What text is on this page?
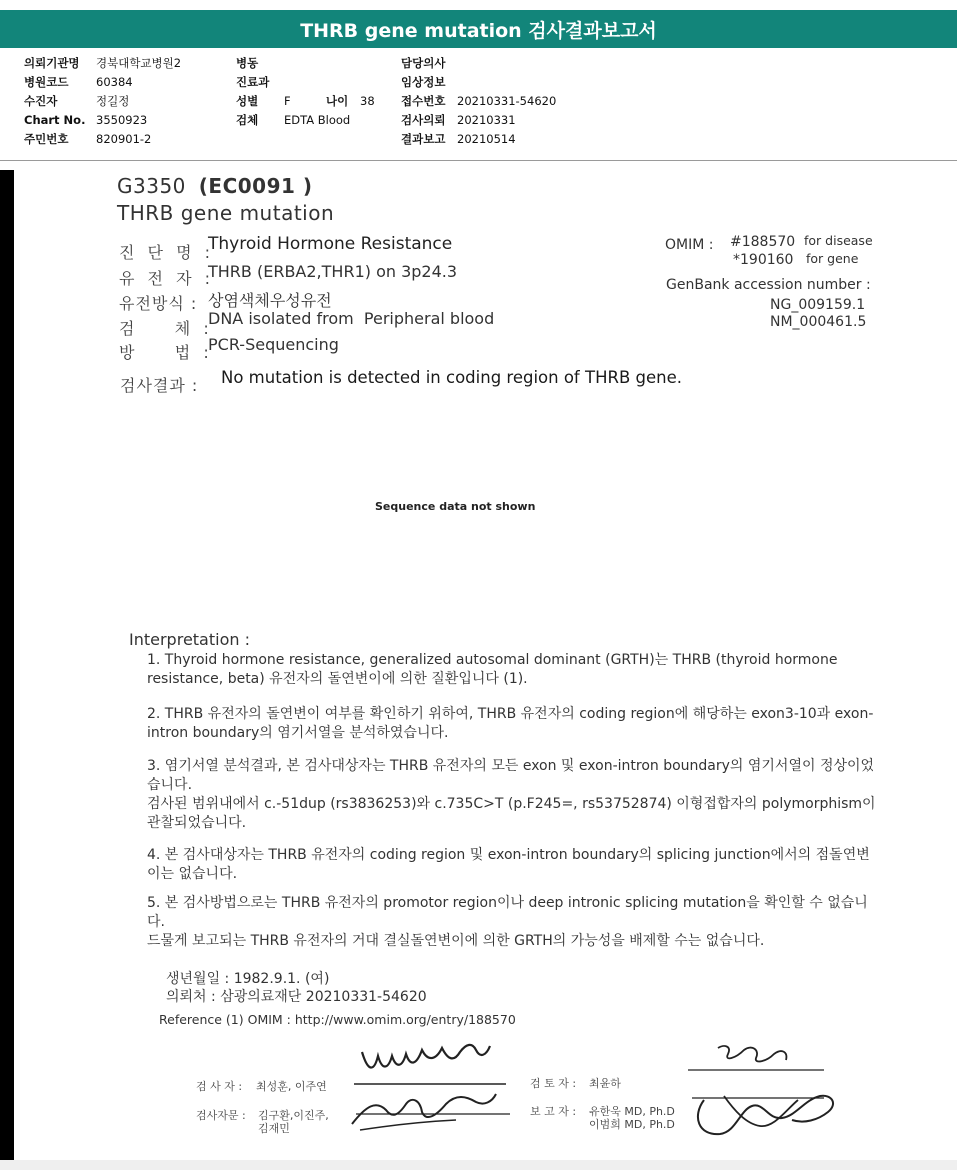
THRB gene mutation 검사결과보고서
의뢰기관명 경북대학교병원2
병원코드 60384
수진자	정길정
Chart No. 3550923
주민번호 820901-2
병동
진료과
성별 F	나이 38
검체 EDTA Blood
담당의사
임상정보
접수번호 20210331-54620
검사의뢰 20210331
결과보고 20210514
G3350 (EC0091 )
THRB gene mutation
진 단 명 :
Thyroid Hormone Resistance
유 전 자 :
THRB (ERBA2,THR1) on 3p24.3
유전방식 : 상염색체우성유전
검    체 :
DNA isolated from  Peripheral blood
방    법 :
PCR-Sequencing
OMIM : #188570 for disease
*190160 for gene
GenBank accession number :
NG_009159.1
NM_000461.5
검사결과 : No mutation is detected in coding region of THRB gene.
Sequence data not shown
Interpretation :
1. Thyroid hormone resistance, generalized autosomal dominant (GRTH)는 THRB (thyroid hormone resistance, beta) 유전자의 돌연변이에 의한 질환입니다 (1).
2. THRB 유전자의 돌연변이 여부를 확인하기 위하여, THRB 유전자의 coding region에 해당하는 exon3-10과 exon-intron boundary의 염기서열을 분석하였습니다.
3. 염기서열 분석결과, 본 검사대상자는 THRB 유전자의 모든 exon 및 exon-intron boundary의 염기서열이 정상이었습니다.
검사된 범위내에서 c.-51dup (rs3836253)와 c.735C>T (p.F245=, rs53752874) 이형접합자의 polymorphism이 관찰되었습니다.
4. 본 검사대상자는 THRB 유전자의 coding region 및 exon-intron boundary의 splicing junction에서의 점돌연변이는 없습니다.
5. 본 검사방법으로는 THRB 유전자의 promotor region이나 deep intronic splicing mutation을 확인할 수 없습니다.
드물게 보고되는 THRB 유전자의 거대 결실돌연변이에 의한 GRTH의 가능성을 배제할 수는 없습니다.
생년월일 : 1982.9.1. (여)
의뢰처 : 삼광의료재단 20210331-54620
Reference (1) OMIM : http://www.omim.org/entry/188570
검 사 자 : 최성훈, 이주연
검사자문 : 김구환,이진주,
김재민
검 토 자 : 최윤하
보 고 자 : 유한욱 MD, Ph.D
이범희 MD, Ph.D
